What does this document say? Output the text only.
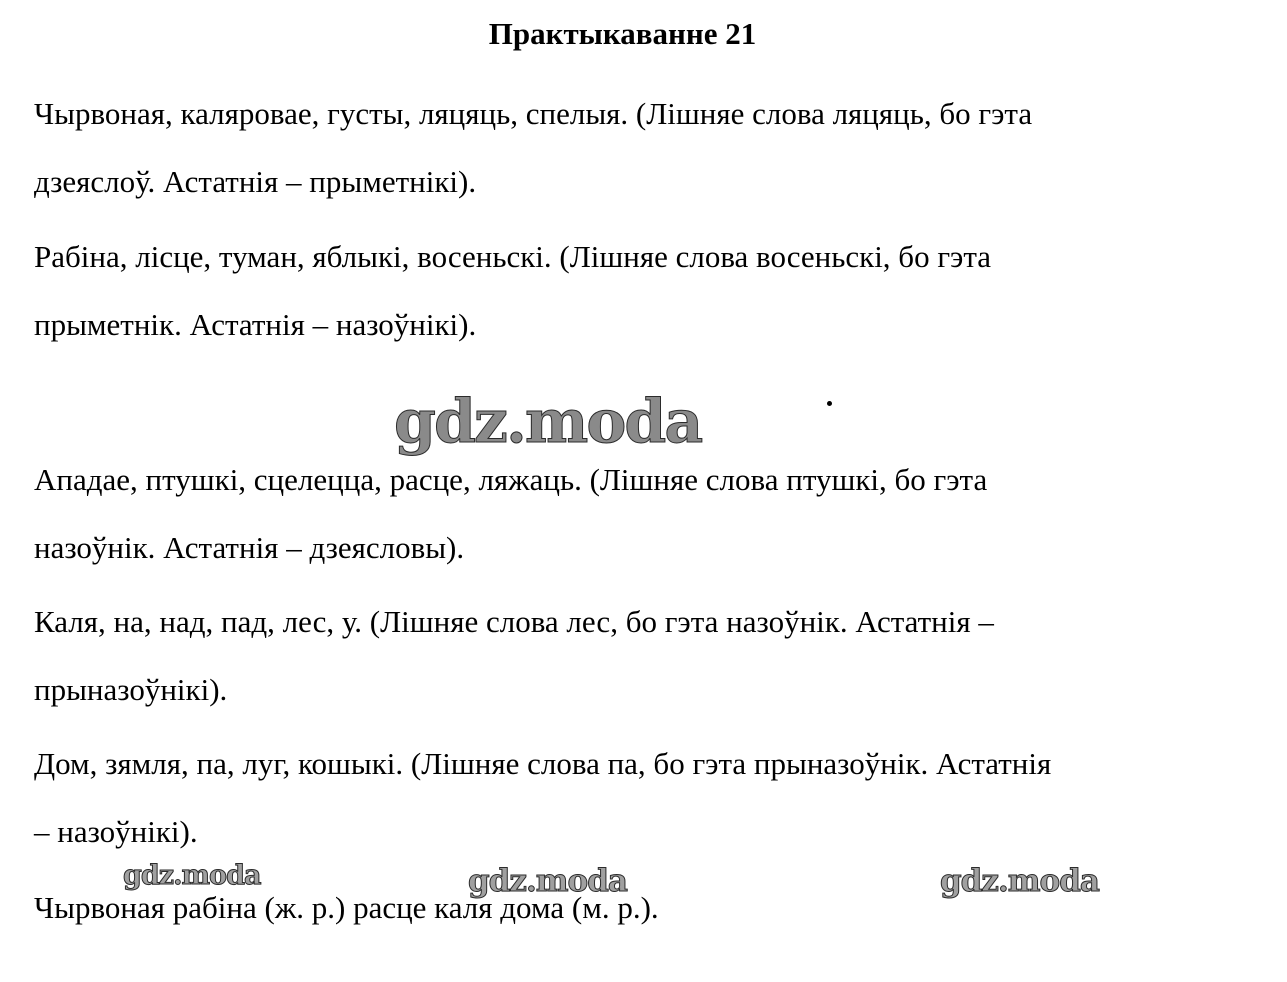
Практыкаванне 21
Чырвоная, каляровае, густы, ляцяць, спелыя. (Лішняе слова ляцяць, бо гэта
дзеяслоў. Астатнія – прыметнікі).
Рабіна, лісце, туман, яблыкі, восеньскі. (Лішняе слова восеньскі, бо гэта
прыметнік. Астатнія – назоўнікі).
gdz.moda
Ападае, птушкі, сцелецца, расце, ляжаць. (Лішняе слова птушкі, бо гэта
назоўнік. Астатнія – дзеясловы).
Каля, на, над, пад, лес, у. (Лішняе слова лес, бо гэта назоўнік. Астатнія –
прыназоўнікі).
Дом, зямля, па, луг, кошыкі. (Лішняе слова па, бо гэта прыназоўнік. Астатнія
– назоўнікі).
Чырвоная рабіна (ж. р.) расце каля дома (м. р.).
gdz.moda	gdz.moda	gdz.moda
